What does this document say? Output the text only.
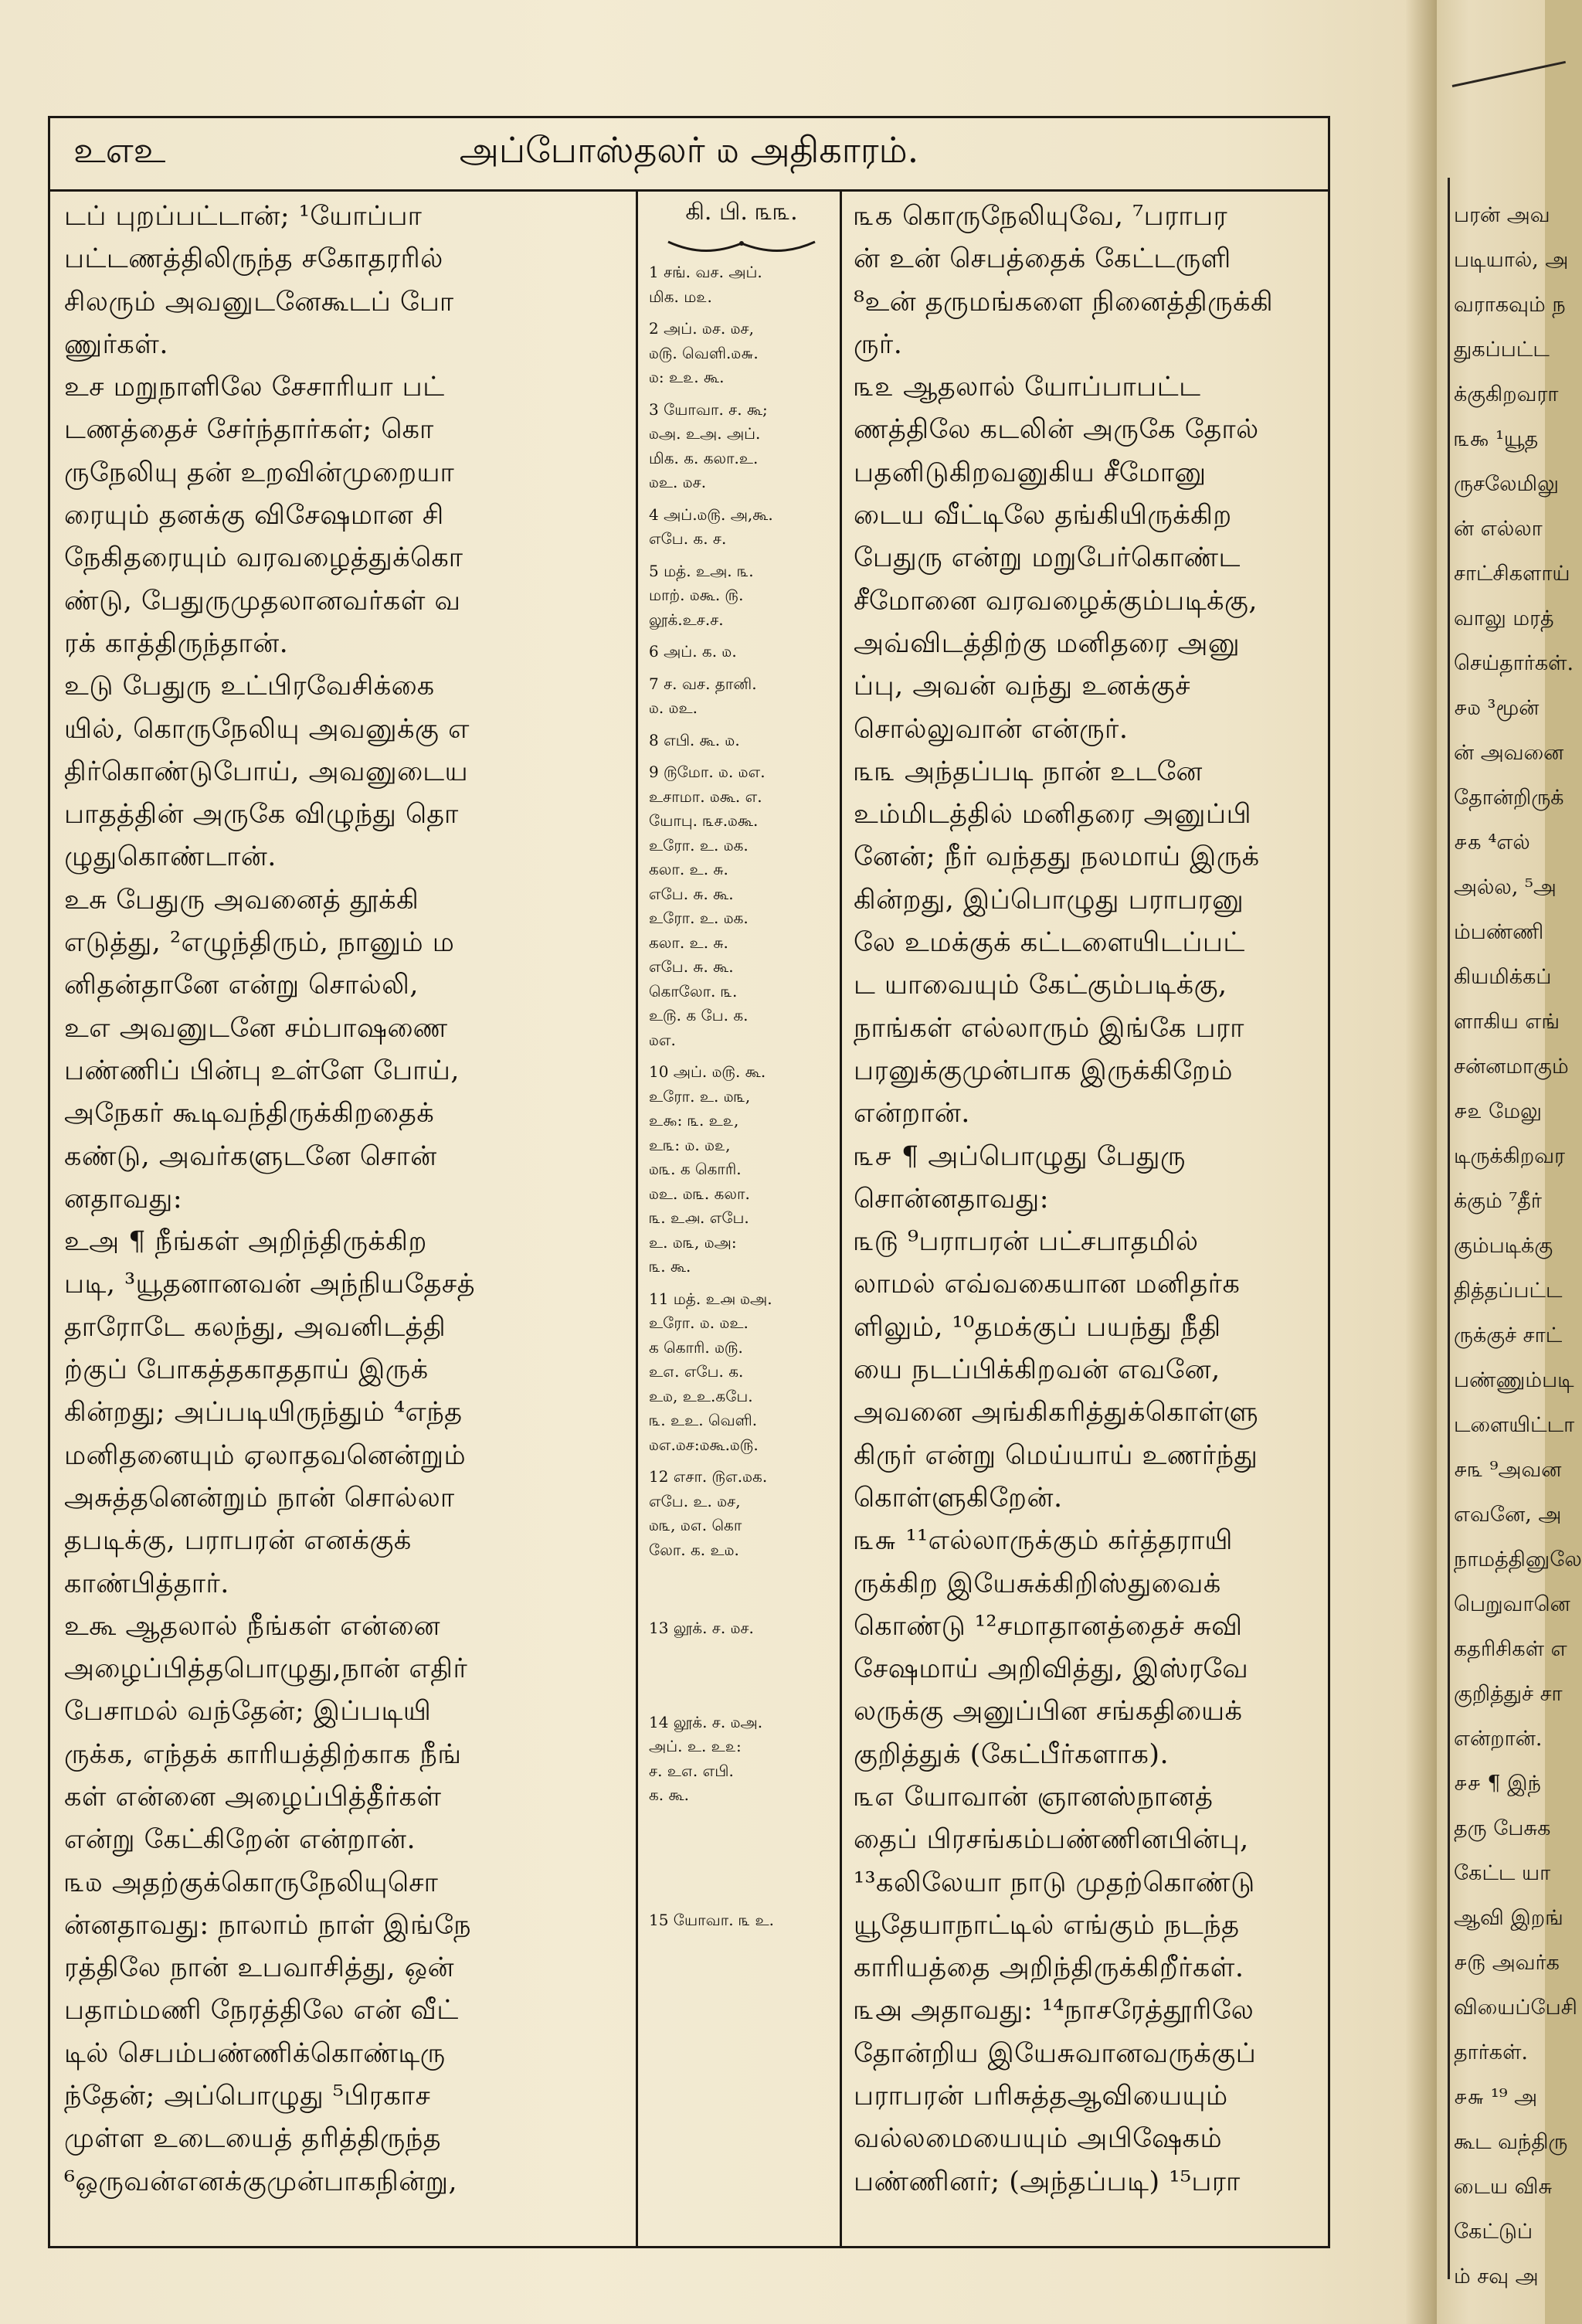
உஎஉ	அப்போஸ்தலர் ௰ அதிகாரம்.
டப் புறப்பட்டான்; ¹யோப்பா
பட்டணத்திலிருந்த சகோதரரில்
சிலரும் அவனுடனேகூடப் போ
ணுர்கள்.
உச மறுநாளிலே சேசாரியா பட்
டணத்தைச் சேர்ந்தார்கள்; கொ
ருநேலியு தன் உறவின்முறையா
ரையும் தனக்கு விசேஷமான சி
நேகிதரையும் வரவழைத்துக்கொ
ண்டு, பேதுருமுதலானவர்கள் வ
ரக் காத்திருந்தான்.
உடு பேதுரு உட்பிரவேசிக்கை
யில், கொருநேலியு அவனுக்கு எ
திர்கொண்டுபோய், அவனுடைய
பாதத்தின் அருகே விழுந்து தொ
ழுதுகொண்டான்.
உசு பேதுரு அவனைத் தூக்கி
எடுத்து, ²எழுந்திரும், நானும் ம
னிதன்தானே என்று சொல்லி,
உஎ அவனுடனே சம்பாஷணை
பண்ணிப் பின்பு உள்ளே போய்,
அநேகர் கூடிவந்திருக்கிறதைக்
கண்டு, அவர்களுடனே சொன்
னதாவது:
உஅ ¶ நீங்கள் அறிந்திருக்கிற
படி, ³யூதனானவன் அந்நியதேசத்
தாரோடே கலந்து, அவனிடத்தி
ற்குப் போகத்தகாததாய் இருக்
கின்றது; அப்படியிருந்தும் ⁴எந்த
மனிதனையும் ஏலாதவனென்றும்
அசுத்தனென்றும் நான் சொல்லா
தபடிக்கு, பராபரன் எனக்குக்
காண்பித்தார்.
உகூ ஆதலால் நீங்கள் என்னை
அழைப்பித்தபொழுது,நான் எதிர்
பேசாமல் வந்தேன்; இப்படியி
ருக்க, எந்தக் காரியத்திற்காக நீங்
கள் என்னை அழைப்பித்தீர்கள்
என்று கேட்கிறேன் என்றான்.
௩௰ அதற்குக்கொருநேலியுசொ
ன்னதாவது: நாலாம் நாள் இங்நே
ரத்திலே நான் உபவாசித்து, ஒன்
பதாம்மணி நேரத்திலே என் வீட்
டில் செபம்பண்ணிக்கொண்டிரு
ந்தேன்; அப்பொழுது ⁵பிரகாச
முள்ள உடையைத் தரித்திருந்த
⁶ஒருவன்எனக்குமுன்பாகநின்று,
கி. பி. ௩௩.
1 சங். வச. அப்.
மிக. ம௨.
2 அப். ௰ச. ௰ச,
௰௫. வெளி.௰௬.
௰: உ௨. கூ.
3 யோவா. ச. கூ;
௰அ. உஅ. அப்.
மிக. க. கலா.உ.
௰உ. ௰ச.
4 அப்.௰௫. அ,கூ.
எபே. க. ச.
5 மத். உஅ. ௩.
மாற். ௰கூ. ௫.
லூக்.உச.ச.
6 அப். க. ௰.
7 ச. வச. தானி.
௰. ௰உ.
8 எபி. கூ. ௰.
9 ௫மோ. ௰. ௰எ.
உசாமா. ௰கூ. எ.
யோபு. ௩ச.௰கூ.
உரோ. உ. ௰க.
கலா. உ. சு.
எபே. சு. கூ.
உரோ. உ. ௰க.
கலா. உ. சு.
எபே. சு. கூ.
கொலோ. ௩.
உ௫. க பே. க.
௰எ.
10 அப். ௰௫. கூ.
உரோ. உ. ௰௩,
உ௯: ௩. உ௨,
உ௩: ௰. ௰௨,
௰௩. க கொரி.
௰உ. ௰௩. கலா.
௩. உ௮. எபே.
உ. ௰௩, ௰அ:
௩. கூ.
11 மத். உ௮ ௰அ.
உரோ. ௰. ௰உ.
க கொரி. ௰௫.
உ௭. எபே. க.
உ௰, உஉ.கபே.
௩. உஉ. வெளி.
௰எ.௰ச:௰கூ.௰௫.
12 எசா. ௫எ.௰க.
எபே. உ. ௰ச,
௰௩, ௰௭. கொ
லோ. க. உ௰.
13 லூக். ச. ௰ச.
14 லூக். ச. ௰அ.
அப். உ. உ௨:
ச. உ௭. எபி.
க. கூ.
15 யோவா. ௩ உ.
௩௧ கொருநேலியுவே, ⁷பராபர
ன் உன் செபத்தைக் கேட்டருளி
⁸உன் தருமங்களை நினைத்திருக்கி
ருர்.
௩௨ ஆதலால் யோப்பாபட்ட
ணத்திலே கடலின் அருகே தோல்
பதனிடுகிறவனுகிய சீமோனு
டைய வீட்டிலே தங்கியிருக்கிற
பேதுரு என்று மறுபேர்கொண்ட
சீமோனை வரவழைக்கும்படிக்கு,
அவ்விடத்திற்கு மனிதரை அனு
ப்பு, அவன் வந்து உனக்குச்
சொல்லுவான் என்ருர்.
௩௩ அந்தப்படி நான் உடனே
உம்மிடத்தில் மனிதரை அனுப்பி
னேன்; நீர் வந்தது நலமாய் இருக்
கின்றது, இப்பொழுது பராபரனு
லே உமக்குக் கட்டளையிடப்பட்
ட யாவையும் கேட்கும்படிக்கு,
நாங்கள் எல்லாரும் இங்கே பரா
பரனுக்குமுன்பாக இருக்கிறேம்
என்றான்.
௩௪ ¶ அப்பொழுது பேதுரு
சொன்னதாவது:
௩௫ ⁹பராபரன் பட்சபாதமில்
லாமல் எவ்வகையான மனிதர்க
ளிலும், ¹⁰தமக்குப் பயந்து நீதி
யை நடப்பிக்கிறவன் எவனே,
அவனை அங்கிகரித்துக்கொள்ளு
கிருர் என்று மெய்யாய் உணர்ந்து
கொள்ளுகிறேன்.
௩௬ ¹¹எல்லாருக்கும் கர்த்தராயி
ருக்கிற இயேசுக்கிறிஸ்துவைக்
கொண்டு ¹²சமாதானத்தைச் சுவி
சேஷமாய் அறிவித்து, இஸ்ரவே
லருக்கு அனுப்பின சங்கதியைக்
குறித்துக் (கேட்பீர்களாக).
௩௭ யோவான் ஞானஸ்நானத்
தைப் பிரசங்கம்பண்ணினபின்பு,
¹³கலிலேயா நாடு முதற்கொண்டு
யூதேயாநாட்டில் எங்கும் நடந்த
காரியத்தை அறிந்திருக்கிறீர்கள்.
௩௮ அதாவது: ¹⁴நாசரேத்தூரிலே
தோன்றிய இயேசுவானவருக்குப்
பராபரன் பரிசுத்தஆவியையும்
வல்லமையையும் அபிஷேகம்
பண்ணினர்; (அந்தப்படி) ¹⁵பரா
பரன் அவ
படியால், அ
வராகவும் ந
துகப்பட்ட
க்குகிறவரா
௩௯ ¹யூத
ருசலேமிலு
ன் எல்லா
சாட்சிகளாய்
வாலு மரத்
செய்தார்கள்.
௪௰ ³மூன்
ன் அவனை
தோன்றிருக்
௪௧ ⁴எல்
அல்ல, ⁵அ
ம்பண்ணி
கியமிக்கப்
ளாகிய எங்
சன்னமாகும்
௪௨ மேலு
டிருக்கிறவர
க்கும் ⁷தீர்
கும்படிக்கு
தித்தப்பட்ட
ருக்குச் சாட்
பண்ணும்படி
டளையிட்டா
௪௩ ⁹அவன
எவனே, அ
நாமத்தினுலே
பெறுவானெ
கதரிசிகள் எ
குறித்துச் சா
என்றான்.
௪௪ ¶ இந்
தரு பேசுக
கேட்ட யா
ஆவி இறங்
௪௫ அவர்க
வியைப்பேசி
தார்கள்.
௪௬ ¹⁹ அ
கூட வந்திரு
டைய விசு
கேட்டுப்
ம் சவு அ
